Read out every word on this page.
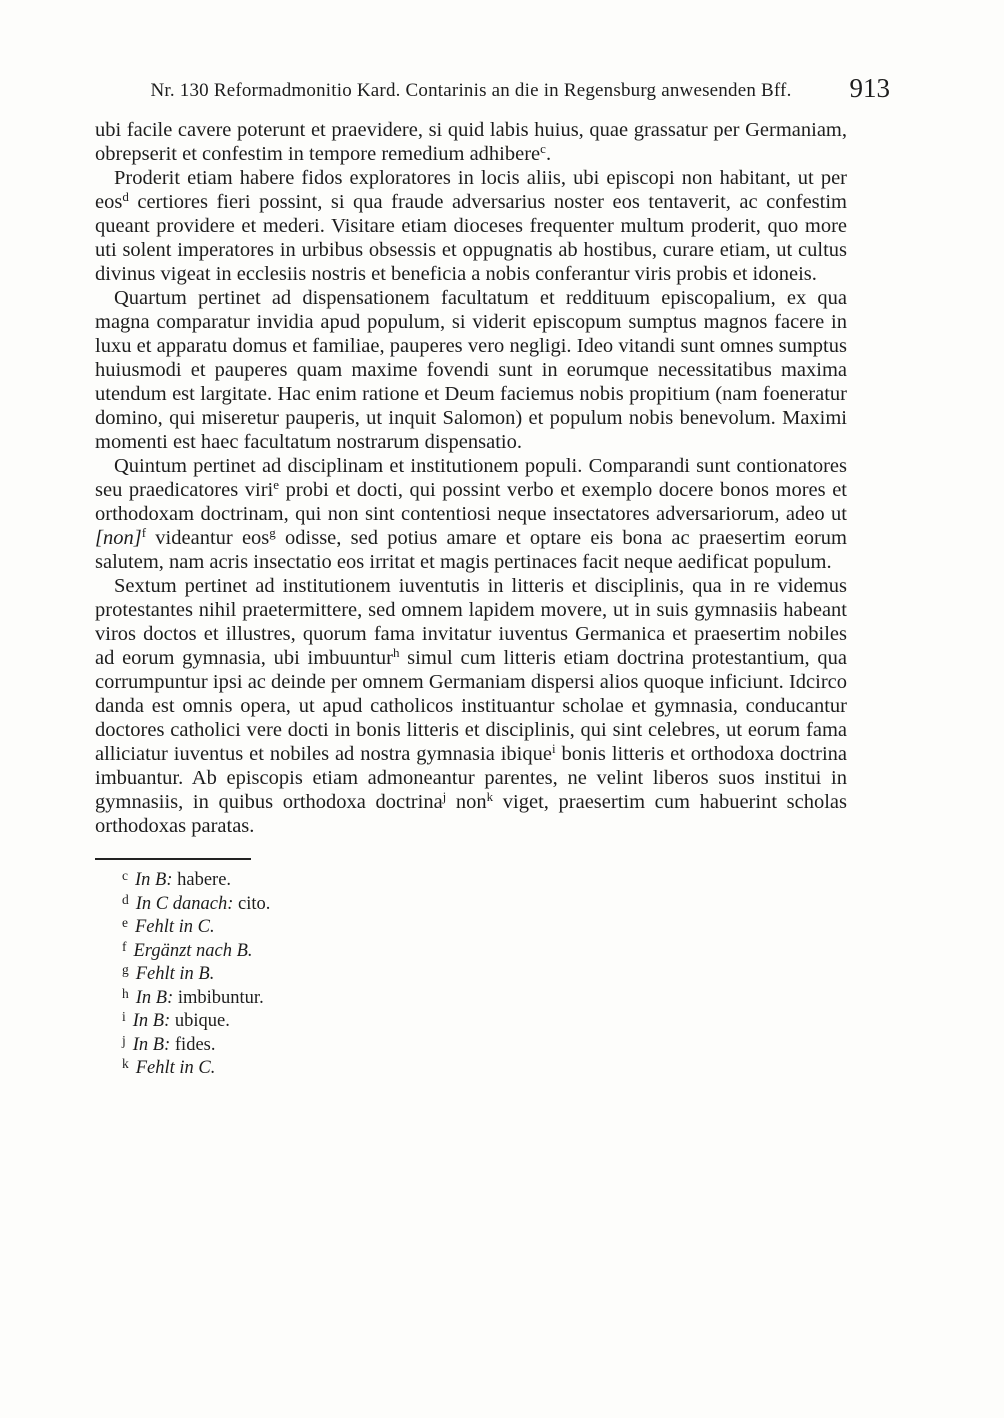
Nr. 130 Reformadmonitio Kard. Contarinis an die in Regensburg anwesenden Bff.	913

ubi facile cavere poterunt et praevidere, si quid labis huius, quae grassatur per Germaniam, obrepserit et confestim in tempore remedium adhibere$^c$.

Proderit etiam habere fidos exploratores in locis aliis, ubi episcopi non habitant, ut per eos$^d$ certiores fieri possint, si qua fraude adversarius noster eos tentaverit, ac confestim queant providere et mederi. Visitare etiam dioceses frequenter multum proderit, quo more uti solent imperatores in urbibus obsessis et oppugnatis ab hostibus, curare etiam, ut cultus divinus vigeat in ecclesiis nostris et beneficia a nobis conferantur viris probis et idoneis.

Quartum pertinet ad dispensationem facultatum et reddituum episcopalium, ex qua magna comparatur invidia apud populum, si viderit episcopum sumptus magnos facere in luxu et apparatu domus et familiae, pauperes vero negligi. Ideo vitandi sunt omnes sumptus huiusmodi et pauperes quam maxime fovendi sunt in eorumque necessitatibus maxima utendum est largitate. Hac enim ratione et Deum faciemus nobis propitium (nam foeneratur domino, qui miseretur pauperis, ut inquit Salomon) et populum nobis benevolum. Maximi momenti est haec facultatum nostrarum dispensatio.

Quintum pertinet ad disciplinam et institutionem populi. Comparandi sunt contionatores seu praedicatores viri$^e$ probi et docti, qui possint verbo et exemplo docere bonos mores et orthodoxam doctrinam, qui non sint contentiosi neque insectatores adversariorum, adeo ut [non]$^f$ videantur eos$^g$ odisse, sed potius amare et optare eis bona ac praesertim eorum salutem, nam acris insectatio eos irritat et magis pertinaces facit neque aedificat populum.

Sextum pertinet ad institutionem iuventutis in litteris et disciplinis, qua in re videmus protestantes nihil praetermittere, sed omnem lapidem movere, ut in suis gymnasiis habeant viros doctos et illustres, quorum fama invitatur iuventus Germanica et praesertim nobiles ad eorum gymnasia, ubi imbuuntur$^h$ simul cum litteris etiam doctrina protestantium, qua corrumpuntur ipsi ac deinde per omnem Germaniam dispersi alios quoque inficiunt. Idcirco danda est omnis opera, ut apud catholicos instituantur scholae et gymnasia, conducantur doctores catholici vere docti in bonis litteris et disciplinis, qui sint celebres, ut eorum fama alliciatur iuventus et nobiles ad nostra gymnasia ibique$^i$ bonis litteris et orthodoxa doctrina imbuantur. Ab episcopis etiam admoneantur parentes, ne velint liberos suos institui in gymnasiis, in quibus orthodoxa doctrina$^j$ non$^k$ viget, praesertim cum habuerint scholas orthodoxas paratas.

$^c$ In B: habere.
$^d$ In C danach: cito.
$^e$ Fehlt in C.
$^f$ Ergänzt nach B.
$^g$ Fehlt in B.
$^h$ In B: imbibuntur.
$^i$ In B: ubique.
$^j$ In B: fides.
$^k$ Fehlt in C.
